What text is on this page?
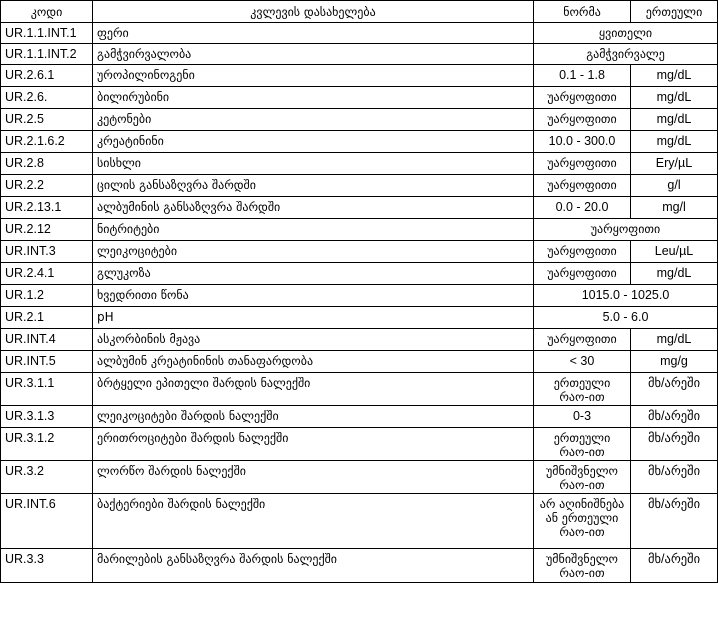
კოდი	კვლევის დასახელება	ნორმა	ერთეული
UR.1.1.INT.1	ფერი	ყვითელი	
UR.1.1.INT.2	გამჭვირვალობა	გამჭვირვალე	
UR.2.6.1	უროპილინოგენი	0.1 - 1.8	mg/dL
UR.2.6.	ბილირუბინი	უარყოფითი	mg/dL
UR.2.5	კეტონები	უარყოფითი	mg/dL
UR.2.1.6.2	კრეატინინი	10.0 - 300.0	mg/dL
UR.2.8	სისხლი	უარყოფითი	Ery/µL
UR.2.2	ცილის განსაზღვრა შარდში	უარყოფითი	g/l
UR.2.13.1	ალბუმინის განსაზღვრა შარდში	0.0 - 20.0	mg/l
UR.2.12	ნიტრიტები	უარყოფითი	
UR.INT.3	ლეიკოციტები	უარყოფითი	Leu/µL
UR.2.4.1	გლუკოზა	უარყოფითი	mg/dL
UR.1.2	ხვედრითი წონა	1015.0 - 1025.0	
UR.2.1	pH	5.0 - 6.0	
UR.INT.4	ასკორბინის მჟავა	უარყოფითი	mg/dL
UR.INT.5	ალბუმინ კრეატინინის თანაფარდობა	< 30	mg/g
UR.3.1.1	ბრტყელი ეპითელი შარდის ნალექში	ერთეული რაო-ით	მხ/არეში
UR.3.1.3	ლეიკოციტები შარდის ნალექში	0-3	მხ/არეში
UR.3.1.2	ერითროციტები შარდის ნალექში	ერთეული რაო-ით	მხ/არეში
UR.3.2	ლორწო შარდის ნალექში	უმნიშვნელო რაო-ით	მხ/არეში
UR.INT.6	ბაქტერიები შარდის ნალექში	არ აღინიშნება ან ერთეული რაო-ით	მხ/არეში
UR.3.3	მარილების განსაზღვრა შარდის ნალექში	უმნიშვნელო რაო-ით	მხ/არეში
